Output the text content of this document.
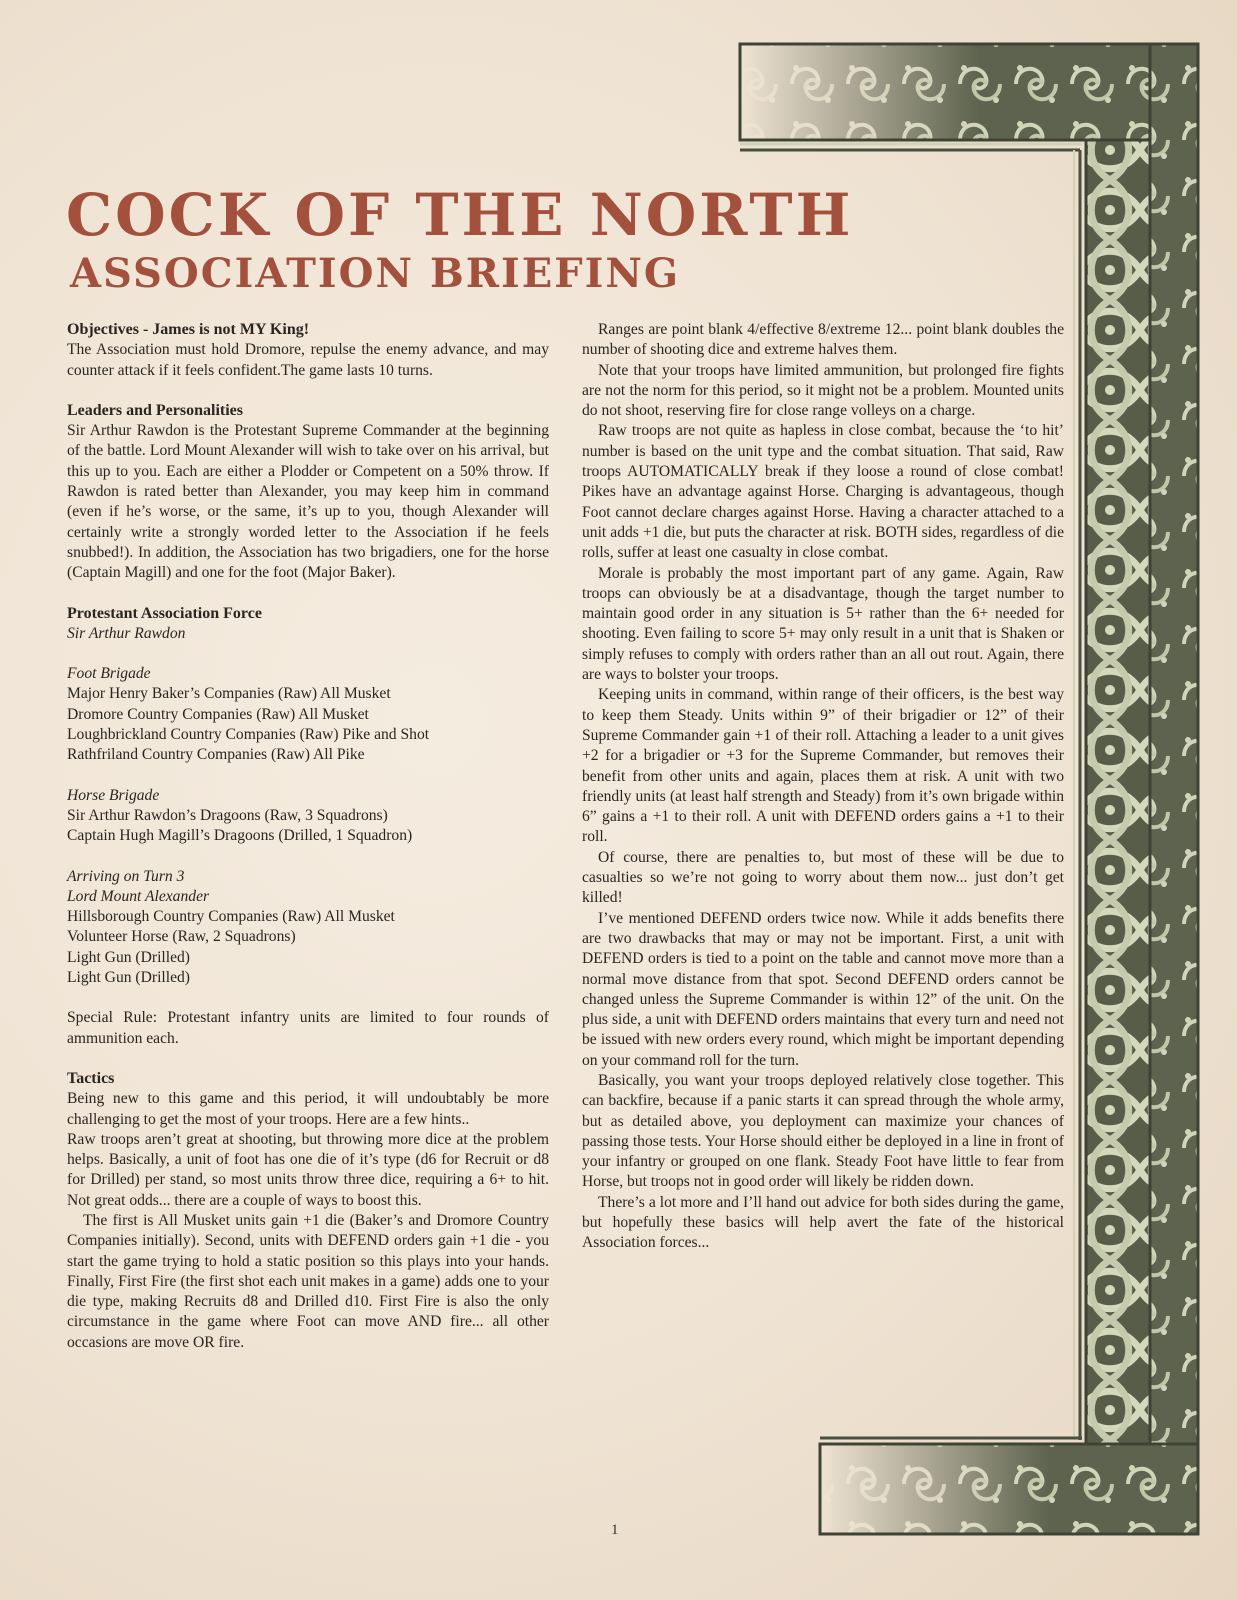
COCK OF THE NORTH
ASSOCIATION BRIEFING

Objectives - James is not MY King!

The Association must hold Dromore, repulse the enemy advance, and may counter attack if it feels confident.The game lasts 10 turns.

Leaders and Personalities

Sir Arthur Rawdon is the Protestant Supreme Commander at the beginning of the battle. Lord Mount Alexander will wish to take over on his arrival, but this up to you. Each are either a Plodder or Competent on a 50% throw. If Rawdon is rated better than Alexander, you may keep him in command (even if he’s worse, or the same, it’s up to you, though Alexander will certainly write a strongly worded letter to the Association if he feels snubbed!). In addition, the Association has two brigadiers, one for the horse (Captain Magill) and one for the foot (Major Baker).

Protestant Association Force

Sir Arthur Rawdon

Foot Brigade

Major Henry Baker’s Companies (Raw) All Musket

Dromore Country Companies (Raw) All Musket

Loughbrickland Country Companies (Raw) Pike and Shot

Rathfriland Country Companies (Raw) All Pike

Horse Brigade

Sir Arthur Rawdon’s Dragoons (Raw, 3 Squadrons)

Captain Hugh Magill’s Dragoons (Drilled, 1 Squadron)

Arriving on Turn 3

Lord Mount Alexander

Hillsborough Country Companies (Raw) All Musket

Volunteer Horse (Raw, 2 Squadrons)

Light Gun (Drilled)

Light Gun (Drilled)

Special Rule: Protestant infantry units are limited to four rounds of ammunition each.

Tactics

Being new to this game and this period, it will undoubtably be more challenging to get the most of your troops. Here are a few hints..

Raw troops aren’t great at shooting, but throwing more dice at the problem helps. Basically, a unit of foot has one die of it’s type (d6 for Recruit or d8 for Drilled) per stand, so most units throw three dice, requiring a 6+ to hit. Not great odds... there are a couple of ways to boost this.

The first is All Musket units gain +1 die (Baker’s and Dromore Country Companies initially). Second, units with DEFEND orders gain +1 die - you start the game trying to hold a static position so this plays into your hands. Finally, First Fire (the first shot each unit makes in a game) adds one to your die type, making Recruits d8 and Drilled d10. First Fire is also the only circumstance in the game where Foot can move AND fire... all other occasions are move OR fire.

Ranges are point blank 4/effective 8/extreme 12... point blank doubles the number of shooting dice and extreme halves them.

Note that your troops have limited ammunition, but prolonged fire fights are not the norm for this period, so it might not be a problem. Mounted units do not shoot, reserving fire for close range volleys on a charge.

Raw troops are not quite as hapless in close combat, because the ‘to hit’ number is based on the unit type and the combat situation. That said, Raw troops AUTOMATICALLY break if they loose a round of close combat! Pikes have an advantage against Horse. Charging is advantageous, though Foot cannot declare charges against Horse. Having a character attached to a unit adds +1 die, but puts the character at risk. BOTH sides, regardless of die rolls, suffer at least one casualty in close combat.

Morale is probably the most important part of any game. Again, Raw troops can obviously be at a disadvantage, though the target number to maintain good order in any situation is 5+ rather than the 6+ needed for shooting. Even failing to score 5+ may only result in a unit that is Shaken or simply refuses to comply with orders rather than an all out rout. Again, there are ways to bolster your troops.

Keeping units in command, within range of their officers, is the best way to keep them Steady. Units within 9” of their brigadier or 12” of their Supreme Commander gain +1 of their roll. Attaching a leader to a unit gives +2 for a brigadier or +3 for the Supreme Commander, but removes their benefit from other units and again, places them at risk. A unit with two friendly units (at least half strength and Steady) from it’s own brigade within 6” gains a +1 to their roll. A unit with DEFEND orders gains a +1 to their roll.

Of course, there are penalties to, but most of these will be due to casualties so we’re not going to worry about them now... just don’t get killed!

I’ve mentioned DEFEND orders twice now. While it adds benefits there are two drawbacks that may or may not be important. First, a unit with DEFEND orders is tied to a point on the table and cannot move more than a normal move distance from that spot. Second DEFEND orders cannot be changed unless the Supreme Commander is within 12” of the unit. On the plus side, a unit with DEFEND orders maintains that every turn and need not be issued with new orders every round, which might be important depending on your command roll for the turn.

Basically, you want your troops deployed relatively close together. This can backfire, because if a panic starts it can spread through the whole army, but as detailed above, you deployment can maximize your chances of passing those tests. Your Horse should either be deployed in a line in front of your infantry or grouped on one flank. Steady Foot have little to fear from Horse, but troops not in good order will likely be ridden down.

There’s a lot more and I’ll hand out advice for both sides during the game, but hopefully these basics will help avert the fate of the historical Association forces...

1
